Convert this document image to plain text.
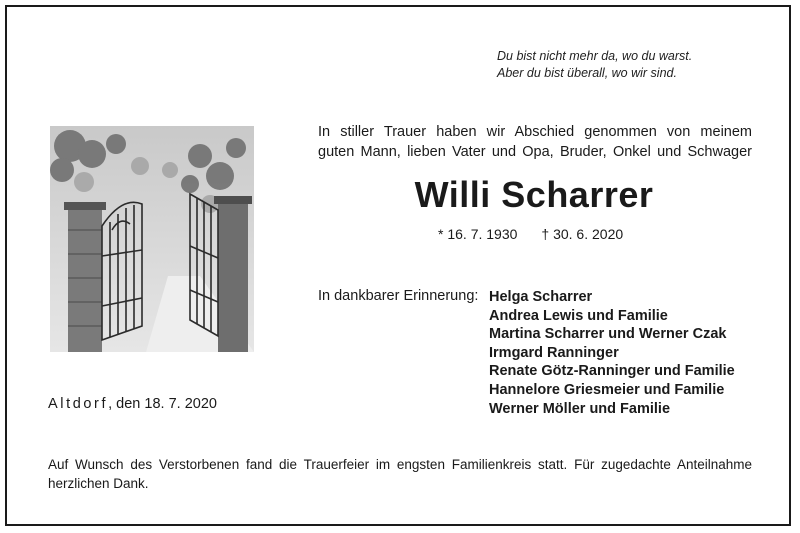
Du bist nicht mehr da, wo du warst.
Aber du bist überall, wo wir sind.
In stiller Trauer haben wir Abschied genommen von meinem
guten Mann, lieben Vater und Opa, Bruder, Onkel und Schwager
Willi Scharrer
* 16. 7. 1930 † 30. 6. 2020
In dankbarer Erinnerung: Helga Scharrer
Andrea Lewis und Familie
Martina Scharrer und Werner Czak
Irmgard Ranninger
Renate Götz-Ranninger und Familie
Hannelore Griesmeier und Familie
Werner Möller und Familie
Altdorf, den 18. 7. 2020
Auf Wunsch des Verstorbenen fand die Trauerfeier im engsten Familienkreis statt. Für zugedachte Anteilnahme herzlichen Dank.
